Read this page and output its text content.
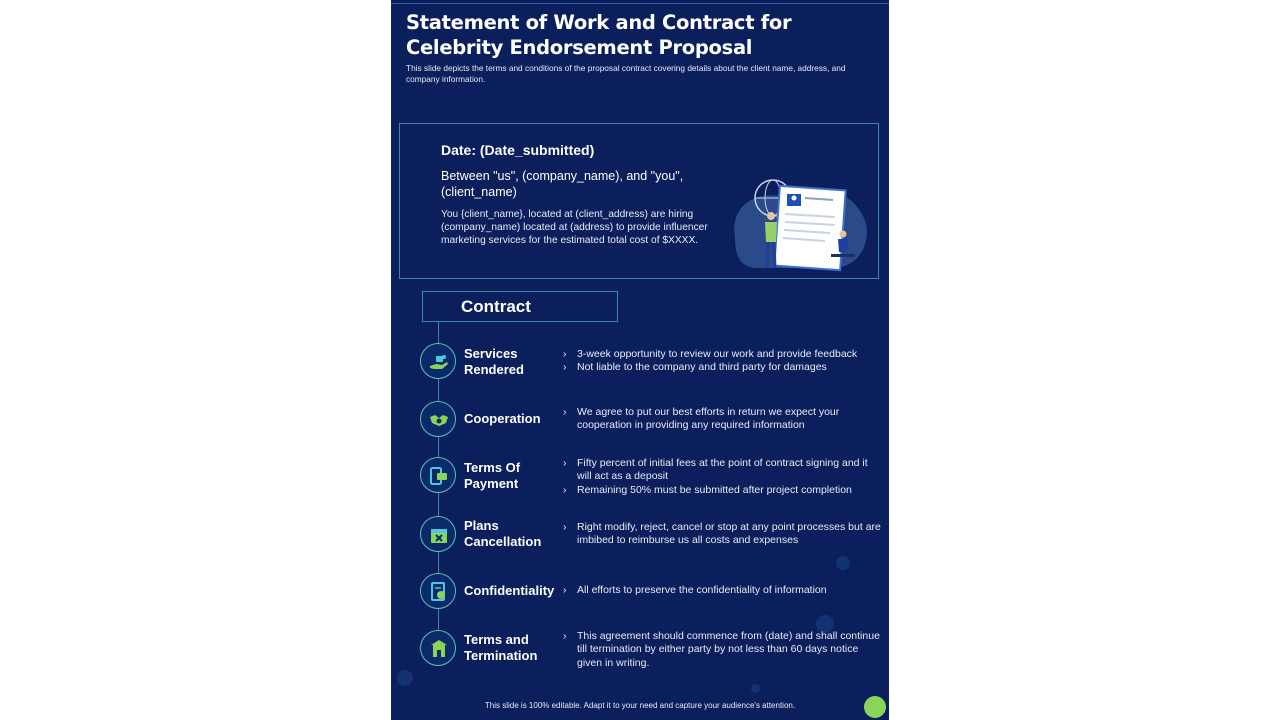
Statement of Work and Contract for Celebrity Endorsement Proposal
This slide depicts the terms and conditions of the proposal contract covering details about the client name, address, and company information.
Date: (Date_submitted)
Between "us", (company_name), and "you", (client_name)
You {client_name}, located at (client_address) are hiring (company_name) located at (address) to provide influencer marketing services for the estimated total cost of $XXXX.
Contract
Services Rendered
› 3-week opportunity to review our work and provide feedback
› Not liable to the company and third party for damages
Cooperation	› We agree to put our best efforts in return we expect your cooperation in providing any required information
Terms Of Payment
› Fifty percent of initial fees at the point of contract signing and it will act as a deposit
› Remaining 50% must be submitted after project completion
Plans Cancellation
› Right modify, reject, cancel or stop at any point processes but are imbibed to reimburse us all costs and expenses
Confidentiality › All efforts to preserve the confidentiality of information
Terms and Termination
› This agreement should commence from (date) and shall continue till termination by either party by not less than 60 days notice given in writing.
This slide is 100% editable. Adapt it to your need and capture your audience's attention.
